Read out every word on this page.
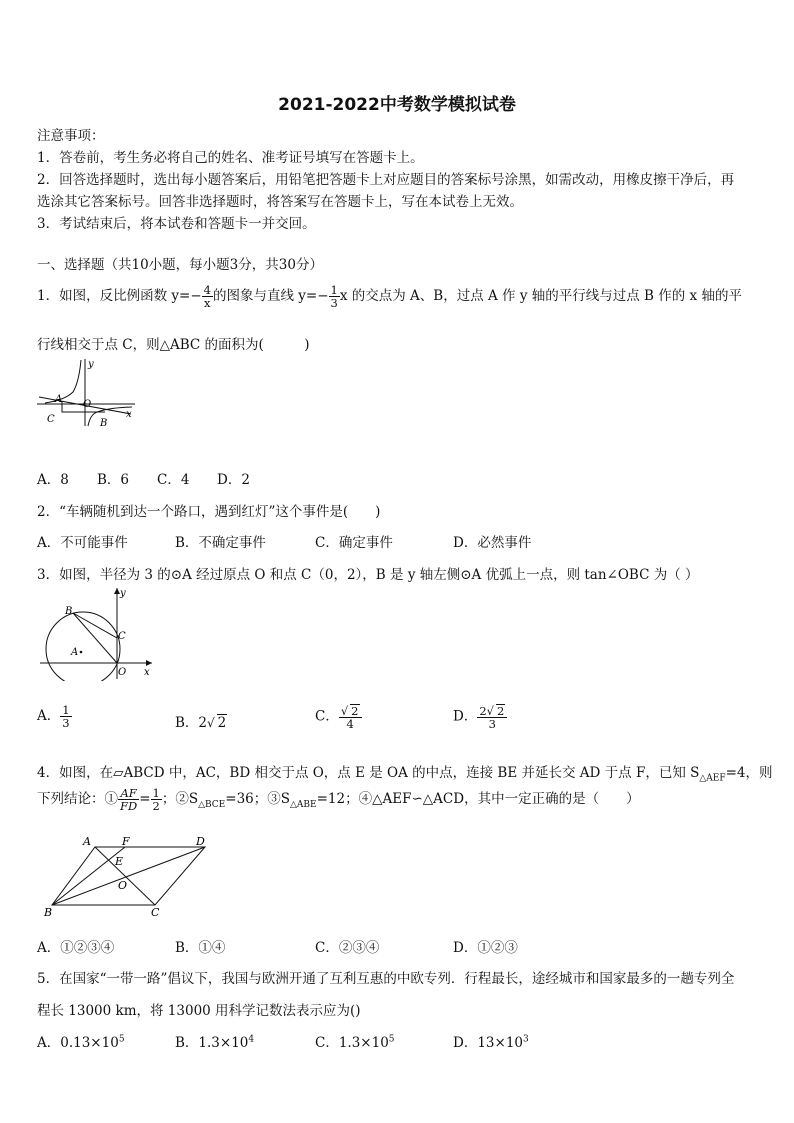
2021-2022中考数学模拟试卷
注意事项：
1．答卷前，考生务必将自己的姓名、准考证号填写在答题卡上。
2．回答选择题时，选出每小题答案后，用铅笔把答题卡上对应题目的答案标号涂黑，如需改动，用橡皮擦干净后，再
选涂其它答案标号。回答非选择题时，将答案写在答题卡上，写在本试卷上无效。
3．考试结束后，将本试卷和答题卡一并交回。
一、选择题（共10小题，每小题3分，共30分）
1．如图，反比例函数 $y=- \frac{4}{x}$ 的图象与直线 $y=- \frac{1}{3}$ x 的交点为 A、B，过点 A 作 y 轴的平行线与过点 B 作的 x 轴的平
行线相交于点 C，则△ABC 的面积为(　　　)
y
A O
x
C	B
A．8	B．6	C．4	D．2
2．“车辆随机到达一个路口，遇到红灯”这个事件是(　　)
A．不可能事件	B．不确定事件	C．确定事件	D．必然事件
3．如图，半径为 3 的⊙A 经过原点 O 和点 C（0，2），B 是 y 轴左侧⊙A 优弧上一点，则 tan∠OBC 为（ ）
y
B
C
A
O x
A． $\frac{1}{3}$	B．2√ 2	C． $\frac{√ 2}{4}$	D． $\frac{2√ 2}{3}$
4．如图，在▱ABCD 中，AC，BD 相交于点 O，点 E 是 OA 的中点，连接 BE 并延长交 AD 于点 F，已知 $S_{\triangle AEF}=4$，则
下列结论：① $\frac{AF}{FD} = \frac{1}{2}$ ；$②S_{\triangle BCE}=36$；$③S_{\triangle ABE}=12$；④△AEF∽△ACD，其中一定正确的是（　　）
A	F	D
E
O
B	C
A．①②③④	B．①④	C．②③④	D．①②③
5．在国家“一带一路”倡议下，我国与欧洲开通了互利互惠的中欧专列．行程最长，途经城市和国家最多的一趟专列全
程长 13000 km，将 13000 用科学记数法表示应为()
A．$0.13\times 10^5$	B．$1.3\times 10^4$	C．$1.3\times 10^5$	D．$13\times 10^3$
